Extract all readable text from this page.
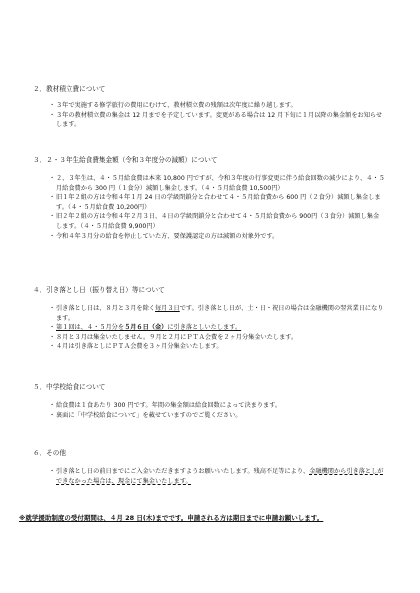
２．教材積立費について
・ ３年で実施する修学旅行の費用にむけて、教材積立費の残額は次年度に繰り越します。
・ ３年の教材積立費の集金は 12 月までを予定しています。変更がある場合は 12 月下旬に１月以降の集金額をお知らせします。
３．２・３年生給食費集金額（令和３年度分の減額）について
・ ２、３年生は、４・５月給食費は本来 10,800 円ですが、令和３年度の行事変更に伴う給食回数の減少により、４・５月給食費から 300 円（１食分）減額し集金します。（４・５月給食費 10,500円）
・ 旧１年２組の方は令和４年１月 24 日の学級閉鎖分と合わせて４・５月給食費から 600 円（２食分）減額し集金します。（４・５月給食費 10,200円）
・ 旧２年２組の方は令和４年２月３日、４日の学級閉鎖分と合わせて４・５月給食費から 900円（３食分）減額し集金します。（４・５月給食費 9,900円）
・ 令和４年３月分の給食を停止していた方、要保護認定の方は減額の対象外です。
４．引き落とし日（振り替え日）等について
・ 引き落とし日は、８月と３月を除く毎月３日です。引き落とし日が、土・日・祝日の場合は金融機関の翌営業日になります。
・ 第１回は、４・５月分を５月６日（金）に引き落としいたします。
・ ８月と３月は集金いたしません。９月と２月にＰＴＡ会費を２ヶ月分集金いたします。
・ ４月は引き落としにＰＴＡ会費を３ヶ月分集金いたします。
５．中学校給食について
・ 給食費は１食あたり 300 円です。年間の集金額は給食回数によって決まります。
・ 裏面に「中学校給食について」を載せていますのでご覧ください。
６．その他
・ 引き落とし日の前日までにご入金いただきますようお願いいたします。残高不足等により、金融機関から引き落としができなかった場合は、現金にて集金いたします。
※就学援助制度の受付期間は、４月 28 日(木)までです。申請される方は期日までに申請お願いします。
